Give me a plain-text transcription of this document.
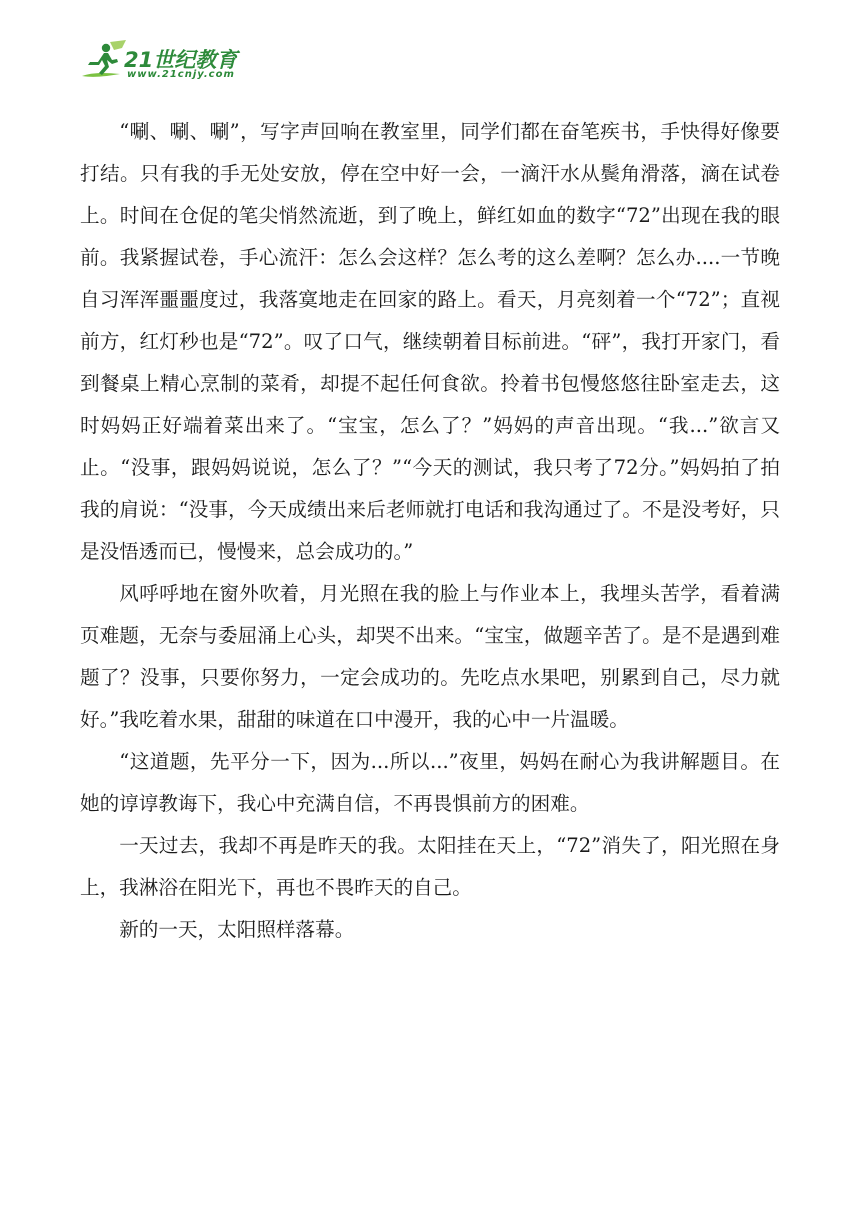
21世纪教育
www.21cnjy.com

“唰、唰、唰”，写字声回响在教室里，同学们都在奋笔疾书，手快得好像要打结。只有我的手无处安放，停在空中好一会，一滴汗水从鬓角滑落，滴在试卷上。时间在仓促的笔尖悄然流逝，到了晚上，鲜红如血的数字“72”出现在我的眼前。我紧握试卷，手心流汗：怎么会这样？怎么考的这么差啊？怎么办....一节晚自习浑浑噩噩度过，我落寞地走在回家的路上。看天，月亮刻着一个“72”；直视前方，红灯秒也是“72”。叹了口气，继续朝着目标前进。“砰”，我打开家门，看到餐桌上精心烹制的菜肴，却提不起任何食欲。拎着书包慢悠悠往卧室走去，这时妈妈正好端着菜出来了。“宝宝，怎么了？”妈妈的声音出现。“我...”欲言又止。“没事，跟妈妈说说，怎么了？”“今天的测试，我只考了72分。”妈妈拍了拍我的肩说：“没事，今天成绩出来后老师就打电话和我沟通过了。不是没考好，只是没悟透而已，慢慢来，总会成功的。”

风呼呼地在窗外吹着，月光照在我的脸上与作业本上，我埋头苦学，看着满页难题，无奈与委屈涌上心头，却哭不出来。“宝宝，做题辛苦了。是不是遇到难题了？没事，只要你努力，一定会成功的。先吃点水果吧，别累到自己，尽力就好。”我吃着水果，甜甜的味道在口中漫开，我的心中一片温暖。

“这道题，先平分一下，因为...所以...”夜里，妈妈在耐心为我讲解题目。在她的谆谆教诲下，我心中充满自信，不再畏惧前方的困难。

一天过去，我却不再是昨天的我。太阳挂在天上，“72”消失了，阳光照在身上，我淋浴在阳光下，再也不畏昨天的自己。

新的一天，太阳照样落幕。
